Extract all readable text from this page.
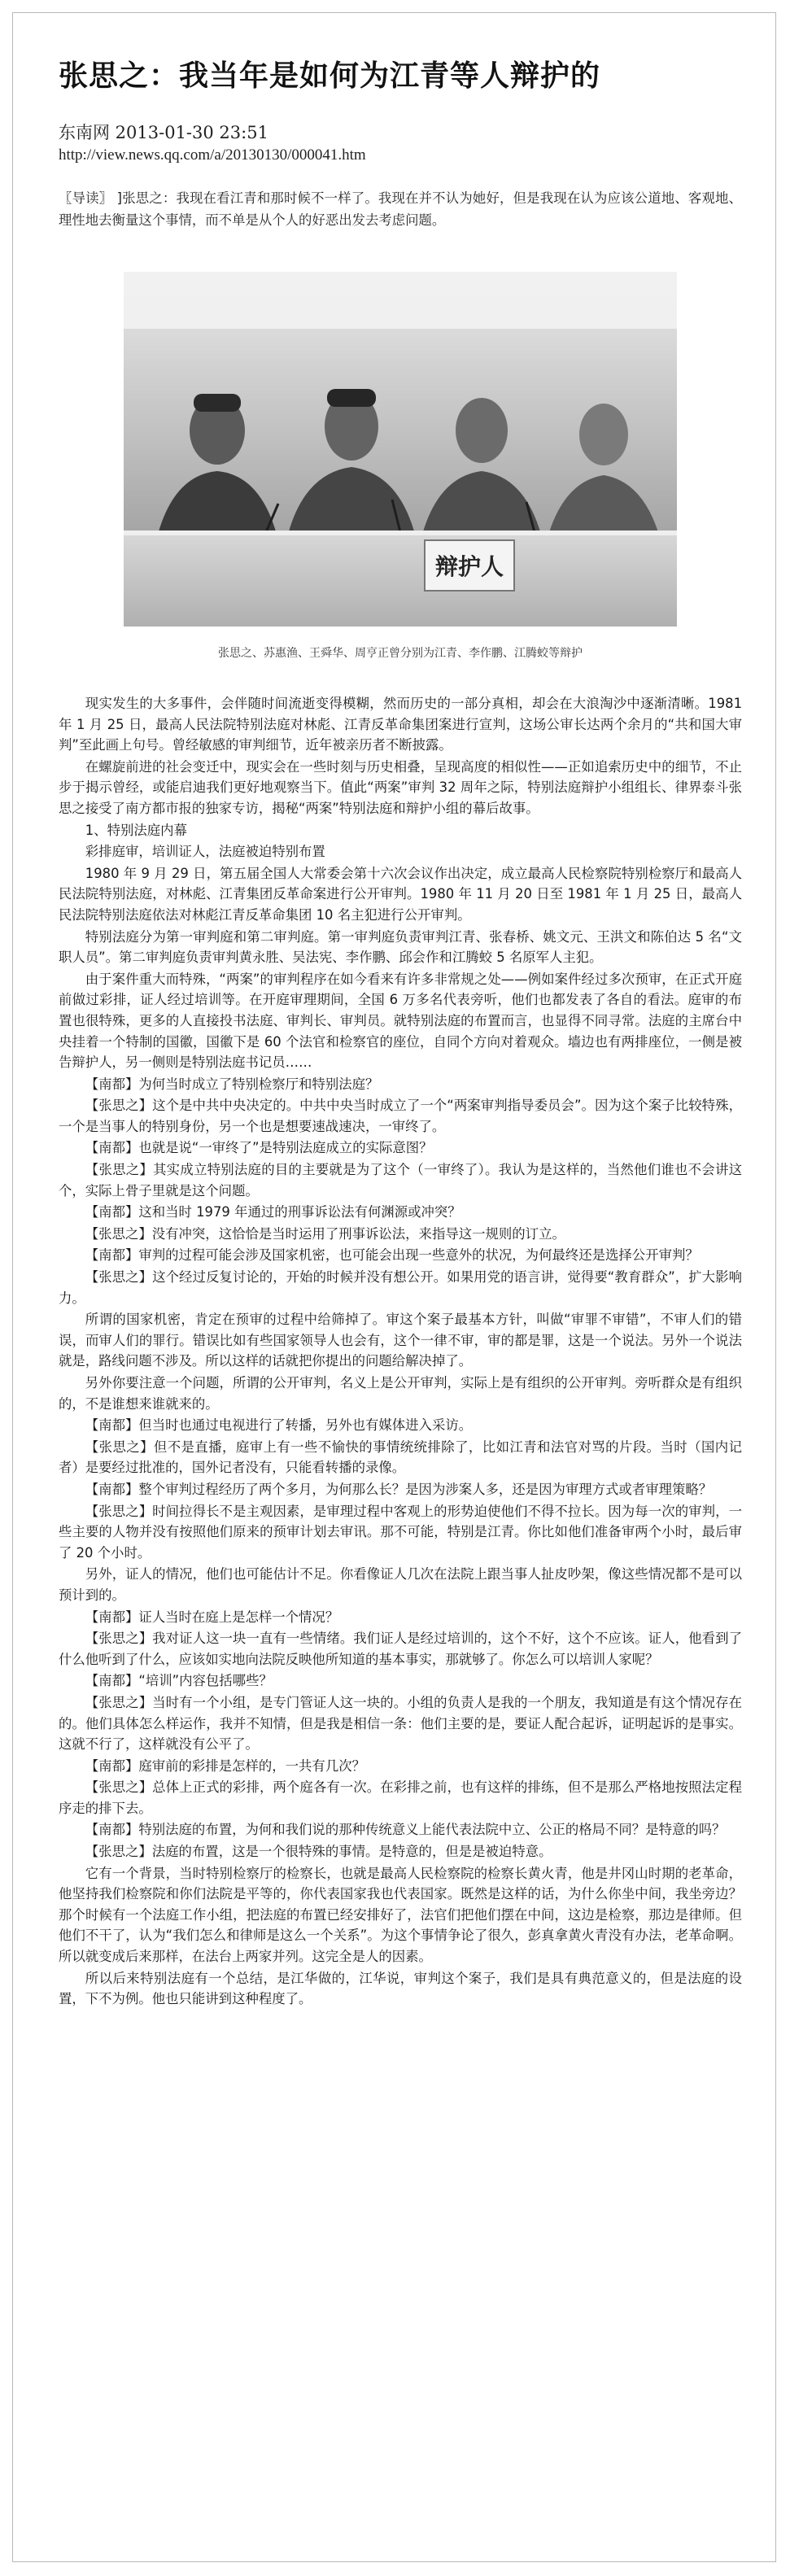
张思之：我当年是如何为江青等人辩护的
东南网 2013-01-30 23:51
http://view.news.qq.com/a/20130130/000041.htm
〖导读〗 ]张思之：我现在看江青和那时候不一样了。我现在并不认为她好，但是我现在认为应该公道地、客观地、理性地去衡量这个事情，而不单是从个人的好恶出发去考虑问题。
辩护人
张思之、苏惠渔、王舜华、周亨正曾分别为江青、李作鹏、江腾蛟等辩护

现实发生的大多事件，会伴随时间流逝变得模糊，然而历史的一部分真相，却会在大浪淘沙中逐渐清晰。1981 年 1 月 25 日，最高人民法院特别法庭对林彪、江青反革命集团案进行宣判，这场公审长达两个余月的“共和国大审判”至此画上句号。曾经敏感的审判细节，近年被亲历者不断披露。

在螺旋前进的社会变迁中，现实会在一些时刻与历史相叠，呈现高度的相似性——正如追索历史中的细节，不止步于揭示曾经，或能启迪我们更好地观察当下。值此“两案”审判 32 周年之际，特别法庭辩护小组组长、律界泰斗张思之接受了南方都市报的独家专访，揭秘“两案”特别法庭和辩护小组的幕后故事。

1、特别法庭内幕

彩排庭审，培训证人，法庭被迫特别布置

1980 年 9 月 29 日，第五届全国人大常委会第十六次会议作出决定，成立最高人民检察院特别检察厅和最高人民法院特别法庭，对林彪、江青集团反革命案进行公开审判。1980 年 11 月 20 日至 1981 年 1 月 25 日，最高人民法院特别法庭依法对林彪江青反革命集团 10 名主犯进行公开审判。

特别法庭分为第一审判庭和第二审判庭。第一审判庭负责审判江青、张春桥、姚文元、王洪文和陈伯达 5 名“文职人员”。第二审判庭负责审判黄永胜、吴法宪、李作鹏、邱会作和江腾蛟 5 名原军人主犯。

由于案件重大而特殊，“两案”的审判程序在如今看来有许多非常规之处——例如案件经过多次预审，在正式开庭前做过彩排，证人经过培训等。在开庭审理期间，全国 6 万多名代表旁听，他们也都发表了各自的看法。庭审的布置也很特殊，更多的人直接投书法庭、审判长、审判员。就特别法庭的布置而言，也显得不同寻常。法庭的主席台中央挂着一个特制的国徽，国徽下是 60 个法官和检察官的座位，自同个方向对着观众。墙边也有两排座位，一侧是被告辩护人，另一侧则是特别法庭书记员……

【南都】为何当时成立了特别检察厅和特别法庭？

【张思之】这个是中共中央决定的。中共中央当时成立了一个“两案审判指导委员会”。因为这个案子比较特殊，一个是当事人的特别身份，另一个也是想要速战速决，一审终了。

【南都】也就是说“一审终了”是特别法庭成立的实际意图？

【张思之】其实成立特别法庭的目的主要就是为了这个（一审终了）。我认为是这样的，当然他们谁也不会讲这个，实际上骨子里就是这个问题。

【南都】这和当时 1979 年通过的刑事诉讼法有何渊源或冲突？

【张思之】没有冲突，这恰恰是当时运用了刑事诉讼法，来指导这一规则的订立。

【南都】审判的过程可能会涉及国家机密，也可能会出现一些意外的状况，为何最终还是选择公开审判？

【张思之】这个经过反复讨论的，开始的时候并没有想公开。如果用党的语言讲，觉得要“教育群众”，扩大影响力。

所谓的国家机密，肯定在预审的过程中给筛掉了。审这个案子最基本方针，叫做“审罪不审错”，不审人们的错误，而审人们的罪行。错误比如有些国家领导人也会有，这个一律不审，审的都是罪，这是一个说法。另外一个说法就是，路线问题不涉及。所以这样的话就把你提出的问题给解决掉了。

另外你要注意一个问题，所谓的公开审判，名义上是公开审判，实际上是有组织的公开审判。旁听群众是有组织的，不是谁想来谁就来的。

【南都】但当时也通过电视进行了转播，另外也有媒体进入采访。

【张思之】但不是直播，庭审上有一些不愉快的事情统统排除了，比如江青和法官对骂的片段。当时（国内记者）是要经过批准的，国外记者没有，只能看转播的录像。

【南都】整个审判过程经历了两个多月，为何那么长？是因为涉案人多，还是因为审理方式或者审理策略？

【张思之】时间拉得长不是主观因素，是审理过程中客观上的形势迫使他们不得不拉长。因为每一次的审判，一些主要的人物并没有按照他们原来的预审计划去审讯。那不可能，特别是江青。你比如他们准备审两个小时，最后审了 20 个小时。

另外，证人的情况，他们也可能估计不足。你看像证人几次在法院上跟当事人扯皮吵架，像这些情况都不是可以预计到的。

【南都】证人当时在庭上是怎样一个情况？

【张思之】我对证人这一块一直有一些情绪。我们证人是经过培训的，这个不好，这个不应该。证人，他看到了什么他听到了什么，应该如实地向法院反映他所知道的基本事实，那就够了。你怎么可以培训人家呢？

【南都】“培训”内容包括哪些？

【张思之】当时有一个小组，是专门管证人这一块的。小组的负责人是我的一个朋友，我知道是有这个情况存在的。他们具体怎么样运作，我并不知情，但是我是相信一条：他们主要的是，要证人配合起诉，证明起诉的是事实。这就不行了，这样就没有公平了。

【南都】庭审前的彩排是怎样的，一共有几次？

【张思之】总体上正式的彩排，两个庭各有一次。在彩排之前，也有这样的排练，但不是那么严格地按照法定程序走的排下去。

【南都】特别法庭的布置，为何和我们说的那种传统意义上能代表法院中立、公正的格局不同？是特意的吗？

【张思之】法庭的布置，这是一个很特殊的事情。是特意的，但是是被迫特意。

它有一个背景，当时特别检察厅的检察长，也就是最高人民检察院的检察长黄火青，他是井冈山时期的老革命，他坚持我们检察院和你们法院是平等的，你代表国家我也代表国家。既然是这样的话，为什么你坐中间，我坐旁边？那个时候有一个法庭工作小组，把法庭的布置已经安排好了，法官们把他们摆在中间，这边是检察，那边是律师。但他们不干了，认为“我们怎么和律师是这么一个关系”。为这个事情争论了很久，彭真拿黄火青没有办法，老革命啊。所以就变成后来那样，在法台上两家并列。这完全是人的因素。

所以后来特别法庭有一个总结，是江华做的，江华说，审判这个案子，我们是具有典范意义的，但是法庭的设置，下不为例。他也只能讲到这种程度了。
